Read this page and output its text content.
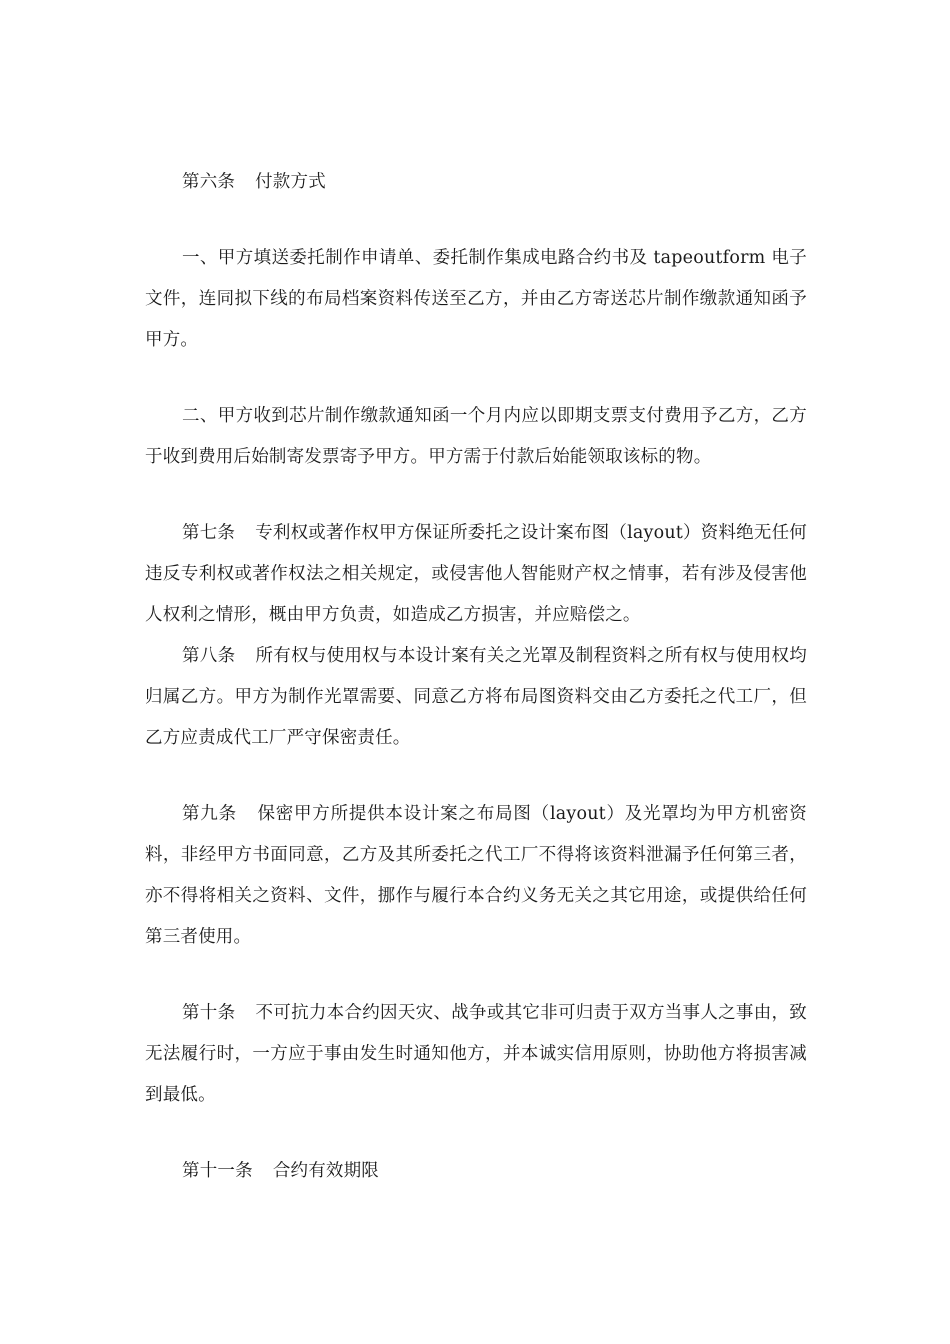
第六条 付款方式

一、甲方填送委托制作申请单、委托制作集成电路合约书及 tapeoutform 电子文件，连同拟下线的布局档案资料传送至乙方，并由乙方寄送芯片制作缴款通知函予甲方。

二、甲方收到芯片制作缴款通知函一个月内应以即期支票支付费用予乙方，乙方于收到费用后始制寄发票寄予甲方。甲方需于付款后始能领取该标的物。

第七条 专利权或著作权甲方保证所委托之设计案布图（layout）资料绝无任何违反专利权或著作权法之相关规定，或侵害他人智能财产权之情事，若有涉及侵害他人权利之情形，概由甲方负责，如造成乙方损害，并应赔偿之。

第八条 所有权与使用权与本设计案有关之光罩及制程资料之所有权与使用权均归属乙方。甲方为制作光罩需要、同意乙方将布局图资料交由乙方委托之代工厂，但乙方应责成代工厂严守保密责任。

第九条 保密甲方所提供本设计案之布局图（layout）及光罩均为甲方机密资料，非经甲方书面同意，乙方及其所委托之代工厂不得将该资料泄漏予任何第三者，亦不得将相关之资料、文件，挪作与履行本合约义务无关之其它用途，或提供给任何第三者使用。

第十条 不可抗力本合约因天灾、战争或其它非可归责于双方当事人之事由，致无法履行时，一方应于事由发生时通知他方，并本诚实信用原则，协助他方将损害减到最低。

第十一条 合约有效期限
